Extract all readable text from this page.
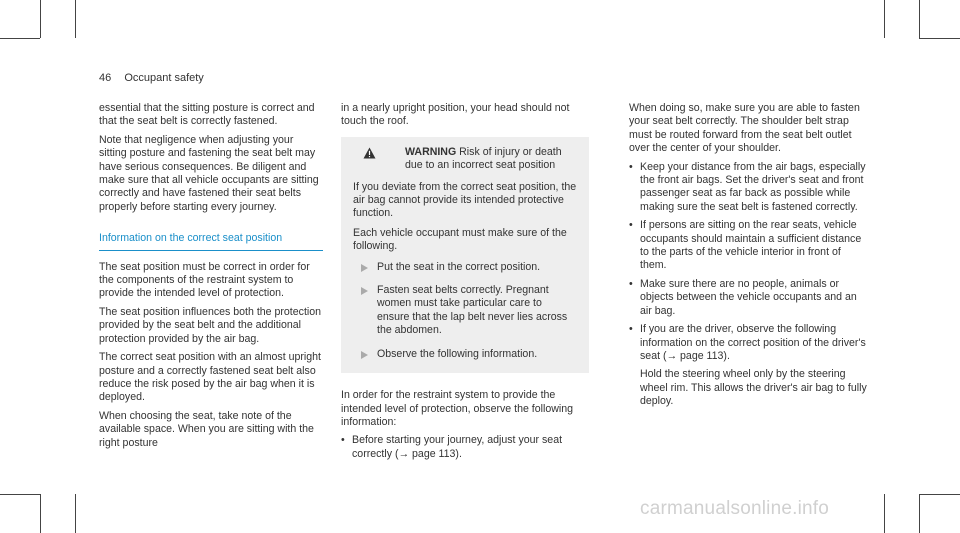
46 Occupant safety

essential that the sitting posture is correct and that the seat belt is correctly fastened.

Note that negligence when adjusting your sitting posture and fastening the seat belt may have serious consequences. Be diligent and make sure that all vehicle occupants are sitting correctly and have fastened their seat belts properly before starting every journey.

Information on the correct seat position

The seat position must be correct in order for the components of the restraint system to provide the intended level of protection.

The seat position influences both the protection provided by the seat belt and the additional protection provided by the air bag.

The correct seat position with an almost upright posture and a correctly fastened seat belt also reduce the risk posed by the air bag when it is deployed.

When choosing the seat, take note of the available space. When you are sitting with the right posture

in a nearly upright position, your head should not touch the roof.

WARNING Risk of injury or death due to an incorrect seat position

If you deviate from the correct seat position, the air bag cannot provide its intended protective function.

Each vehicle occupant must make sure of the following.

Put the seat in the correct position.
Fasten seat belts correctly. Pregnant women must take particular care to ensure that the lap belt never lies across the abdomen.
Observe the following information.

In order for the restraint system to provide the intended level of protection, observe the following information:

• Before starting your journey, adjust your seat correctly (→ page 113).

When doing so, make sure you are able to fasten your seat belt correctly. The shoulder belt strap must be routed forward from the seat belt outlet over the center of your shoulder.

• Keep your distance from the air bags, especially the front air bags. Set the driver's seat and front passenger seat as far back as possible while making sure the seat belt is fastened correctly.
• If persons are sitting on the rear seats, vehicle occupants should maintain a sufficient distance to the parts of the vehicle interior in front of them.
• Make sure there are no people, animals or objects between the vehicle occupants and an air bag.
• If you are the driver, observe the following information on the correct position of the driver's seat (→ page 113).

Hold the steering wheel only by the steering wheel rim. This allows the driver's air bag to fully deploy.

carmanualsonline.info
